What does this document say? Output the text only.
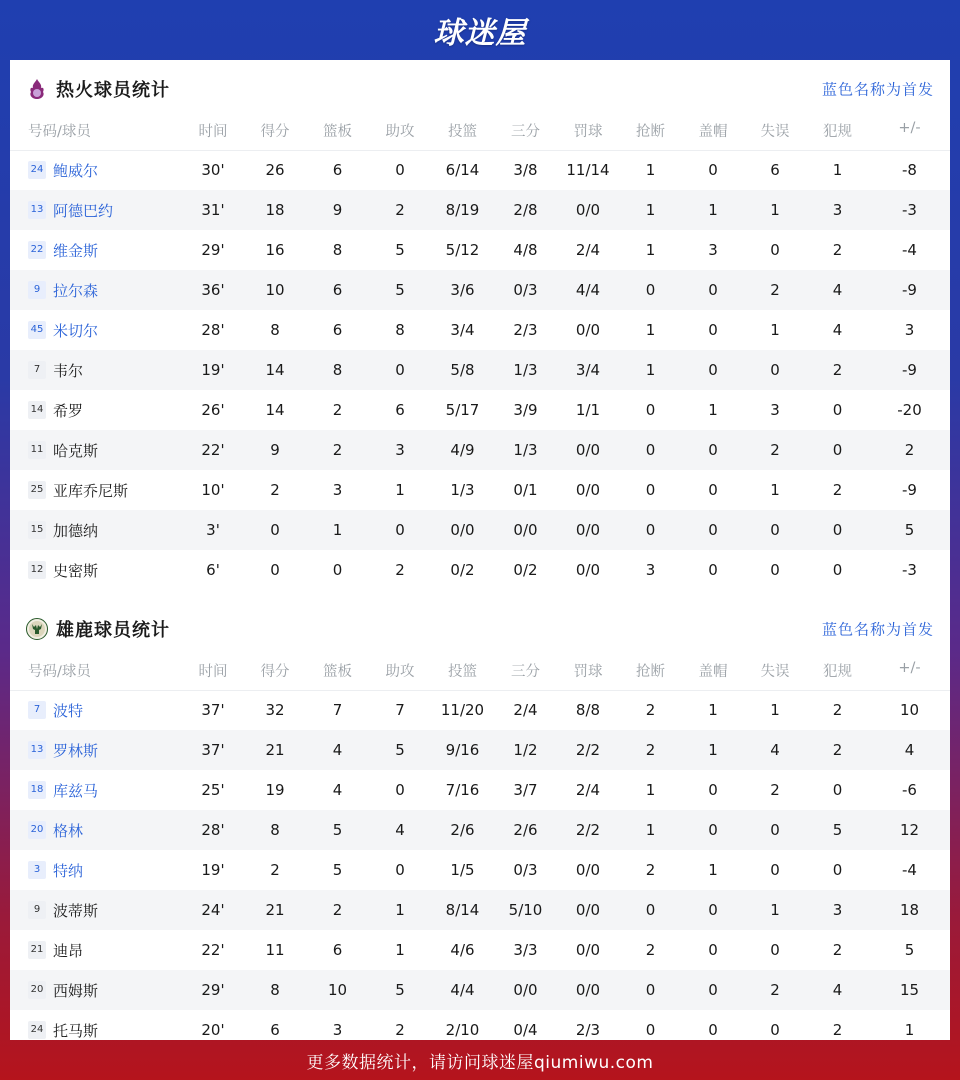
球迷屋
热火球员统计	蓝色名称为首发
号码/球员	时间	得分	篮板	助攻	投篮	三分	罚球	抢断	盖帽	失误	犯规	+/-
24 鲍威尔	30'	26	6	0	6/14	3/8	11/14	1	0	6	1	-8
13 阿德巴约	31'	18	9	2	8/19	2/8	0/0	1	1	1	3	-3
22 维金斯	29'	16	8	5	5/12	4/8	2/4	1	3	0	2	-4
9 拉尔森	36'	10	6	5	3/6	0/3	4/4	0	0	2	4	-9
45 米切尔	28'	8	6	8	3/4	2/3	0/0	1	0	1	4	3
7 韦尔	19'	14	8	0	5/8	1/3	3/4	1	0	0	2	-9
14 希罗	26'	14	2	6	5/17	3/9	1/1	0	1	3	0	-20
11 哈克斯	22'	9	2	3	4/9	1/3	0/0	0	0	2	0	2
25 亚库乔尼斯	10'	2	3	1	1/3	0/1	0/0	0	0	1	2	-9
15 加德纳	3'	0	1	0	0/0	0/0	0/0	0	0	0	0	5
12 史密斯	6'	0	0	2	0/2	0/2	0/0	3	0	0	0	-3
雄鹿球员统计	蓝色名称为首发
号码/球员	时间	得分	篮板	助攻	投篮	三分	罚球	抢断	盖帽	失误	犯规	+/-
7 波特	37'	32	7	7	11/20	2/4	8/8	2	1	1	2	10
13 罗林斯	37'	21	4	5	9/16	1/2	2/2	2	1	4	2	4
18 库兹马	25'	19	4	0	7/16	3/7	2/4	1	0	2	0	-6
20 格林	28'	8	5	4	2/6	2/6	2/2	1	0	0	5	12
3 特纳	19'	2	5	0	1/5	0/3	0/0	2	1	0	0	-4
9 波蒂斯	24'	21	2	1	8/14	5/10	0/0	0	0	1	3	18
21 迪昂	22'	11	6	1	4/6	3/3	0/0	2	0	0	2	5
20 西姆斯	29'	8	10	5	4/4	0/0	0/0	0	0	2	4	15
24 托马斯	20'	6	3	2	2/10	0/4	2/3	0	0	0	2	1
更多数据统计，请访问球迷屋qiumiwu.com
